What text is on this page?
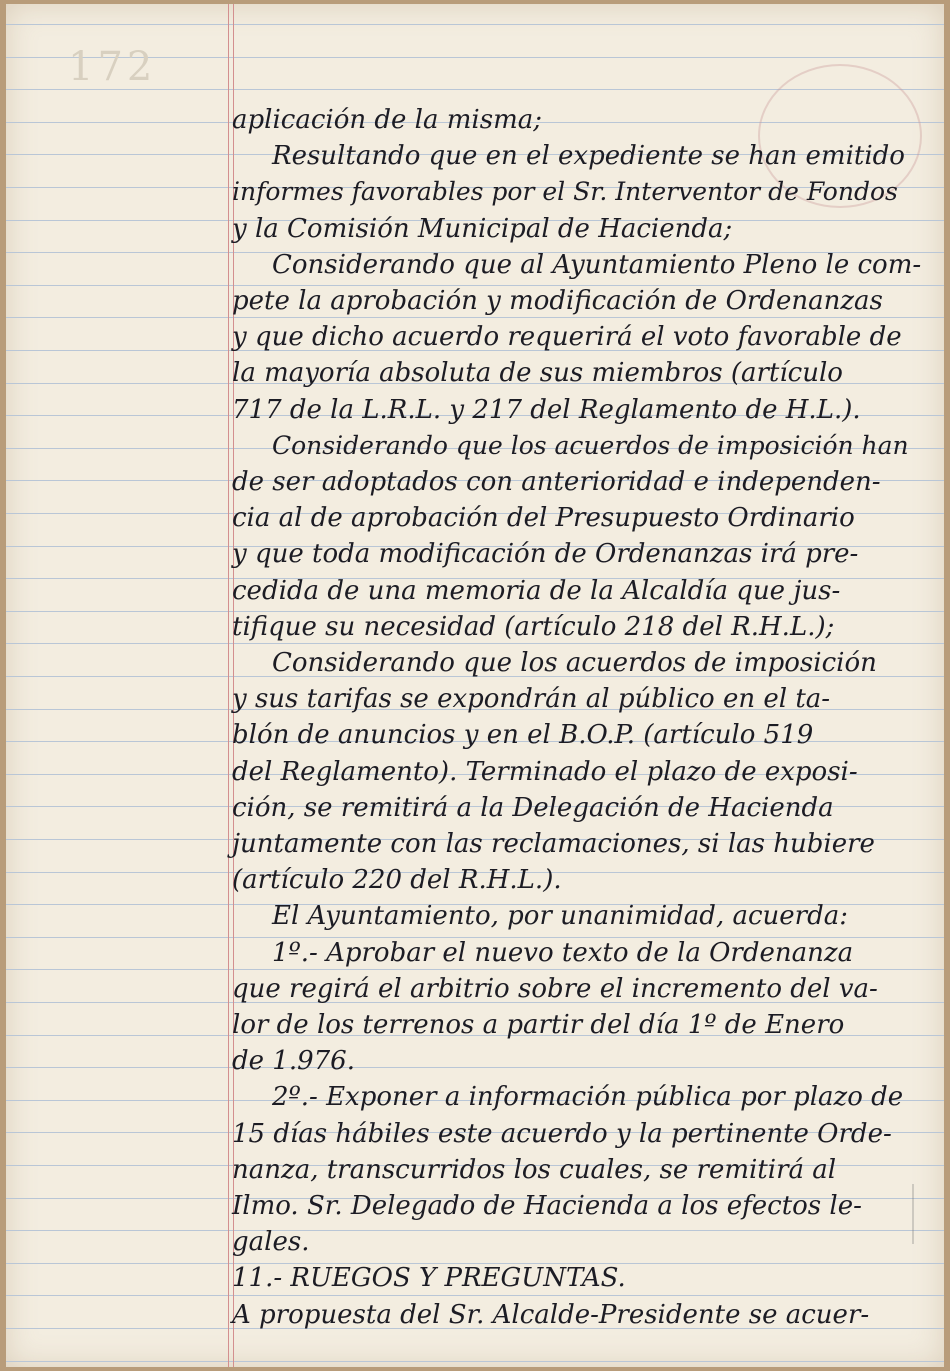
172
aplicación de la misma;
Resultando que en el expediente se han emitido
informes favorables por el Sr. Interventor de Fondos
y la Comisión Municipal de Hacienda;
Considerando que al Ayuntamiento Pleno le com-
pete la aprobación y modificación de Ordenanzas
y que dicho acuerdo requerirá el voto favorable de
la mayoría absoluta de sus miembros (artículo
717 de la L.R.L. y 217 del Reglamento de H.L.).
Considerando que los acuerdos de imposición han
de ser adoptados con anterioridad e independen-
cia al de aprobación del Presupuesto Ordinario
y que toda modificación de Ordenanzas irá pre-
cedida de una memoria de la Alcaldía que jus-
tifique su necesidad (artículo 218 del R.H.L.);
Considerando que los acuerdos de imposición
y sus tarifas se expondrán al público en el ta-
blón de anuncios y en el B.O.P. (artículo 519
del Reglamento). Terminado el plazo de exposi-
ción, se remitirá a la Delegación de Hacienda
juntamente con las reclamaciones, si las hubiere
(artículo 220 del R.H.L.).
El Ayuntamiento, por unanimidad, acuerda:
1º.- Aprobar el nuevo texto de la Ordenanza
que regirá el arbitrio sobre el incremento del va-
lor de los terrenos a partir del día 1º de Enero
de 1.976.
2º.- Exponer a información pública por plazo de
15 días hábiles este acuerdo y la pertinente Orde-
nanza, transcurridos los cuales, se remitirá al
Ilmo. Sr. Delegado de Hacienda a los efectos le-
gales.
11.- RUEGOS Y PREGUNTAS.
A propuesta del Sr. Alcalde-Presidente se acuer-
